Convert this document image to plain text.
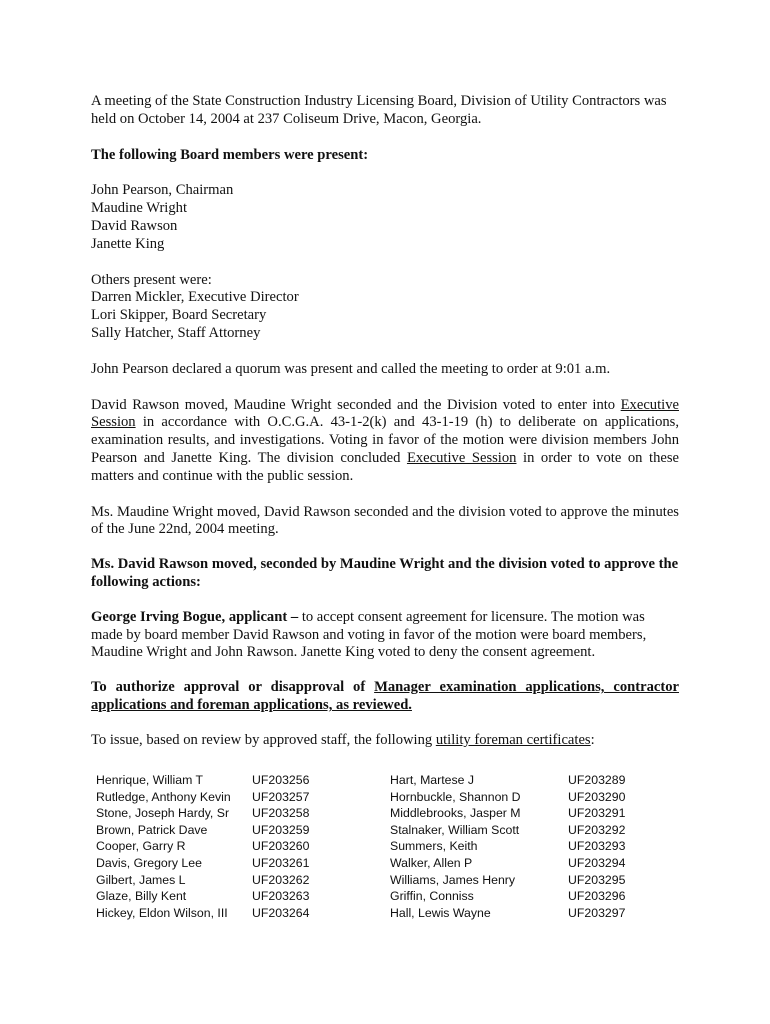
A meeting of the State Construction Industry Licensing Board, Division of Utility Contractors was held on October 14, 2004 at 237 Coliseum Drive, Macon, Georgia.

The following Board members were present:

John Pearson, Chairman
Maudine Wright
David Rawson
Janette King
Others present were:
Darren Mickler, Executive Director
Lori Skipper, Board Secretary
Sally Hatcher, Staff Attorney

John Pearson declared a quorum was present and called the meeting to order at 9:01 a.m.

David Rawson moved, Maudine Wright seconded and the Division voted to enter into Executive Session in accordance with O.C.G.A. 43-1-2(k) and 43-1-19 (h) to deliberate on applications, examination results, and investigations. Voting in favor of the motion were division members John Pearson and Janette King. The division concluded Executive Session in order to vote on these matters and continue with the public session.

Ms. Maudine Wright moved, David Rawson seconded and the division voted to approve the minutes of the June 22nd, 2004 meeting.

Ms. David Rawson moved, seconded by Maudine Wright and the division voted to approve the following actions:

George Irving Bogue, applicant – to accept consent agreement for licensure. The motion was made by board member David Rawson and voting in favor of the motion were board members, Maudine Wright and John Rawson. Janette King voted to deny the consent agreement.

To authorize approval or disapproval of Manager examination applications, contractor applications and foreman applications, as reviewed.

To issue, based on review by approved staff, the following utility foreman certificates:

Henrique, William T	UF203256	Hart, Martese J	UF203289
Rutledge, Anthony Kevin UF203257	Hornbuckle, Shannon D	UF203290
Stone, Joseph Hardy, Sr UF203258	Middlebrooks, Jasper M	UF203291
Brown, Patrick Dave	UF203259	Stalnaker, William Scott	UF203292
Cooper, Garry R	UF203260	Summers, Keith	UF203293
Davis, Gregory Lee	UF203261	Walker, Allen P	UF203294
Gilbert, James L	UF203262	Williams, James Henry	UF203295
Glaze, Billy Kent	UF203263	Griffin, Conniss	UF203296
Hickey, Eldon Wilson, III UF203264	Hall, Lewis Wayne	UF203297
